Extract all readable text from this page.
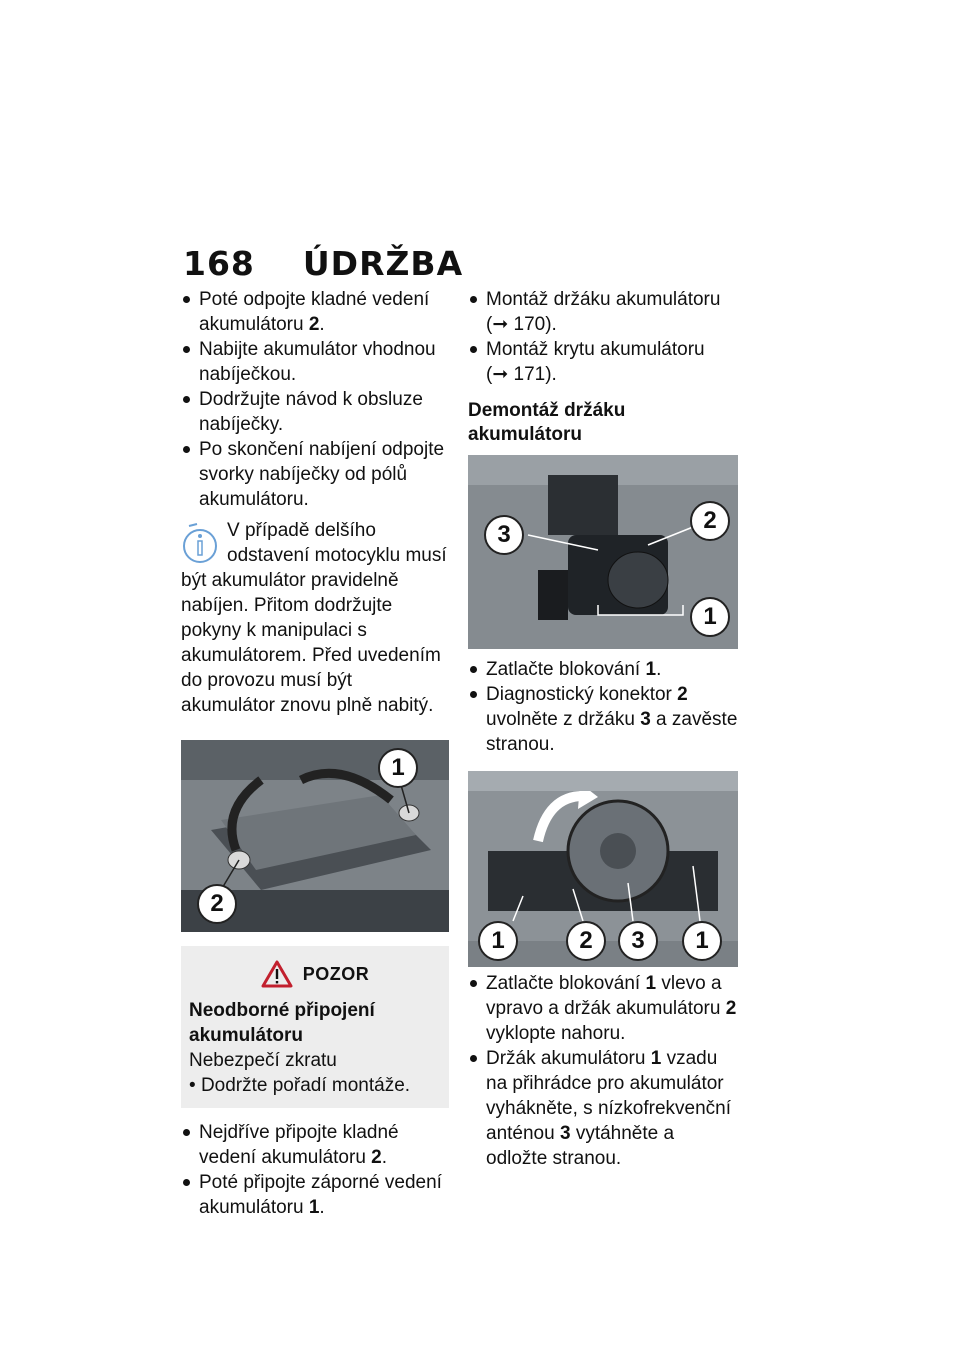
168 ÚDRŽBA
Poté odpojte kladné vedení akumulátoru 2.
Nabijte akumulátor vhodnou nabíječkou.
Dodržujte návod k obsluze nabíječky.
Po skončení nabíjení odpojte svorky nabíječky od pólů akumulátoru.
V případě delšího odstavení motocyklu musí být akumulátor pravidelně nabíjen. Přitom dodržujte pokyny k manipulaci s akumulátorem. Před uvedením do provozu musí být akumulátor znovu plně nabitý.
1
2
POZOR
Neodborné připojení akumulátoru
Nebezpečí zkratu
• Dodržte pořadí montáže.
Nejdříve připojte kladné vedení akumulátoru 2.
Poté připojte záporné vedení akumulátoru 1.
Montáž držáku akumulátoru
(➞ 170).
Montáž krytu akumulátoru
(➞ 171).
Demontáž držáku akumulátoru
3
2
1
Zatlačte blokování 1.
Diagnostický konektor 2 uvolněte z držáku 3 a zavěste stranou.
1	2	3	1
Zatlačte blokování 1 vlevo a vpravo a držák akumulátoru 2 vyklopte nahoru.
Držák akumulátoru 1 vzadu na přihrádce pro akumulátor vyhákněte, s nízkofrekvenční anténou 3 vytáhněte a odložte stranou.
